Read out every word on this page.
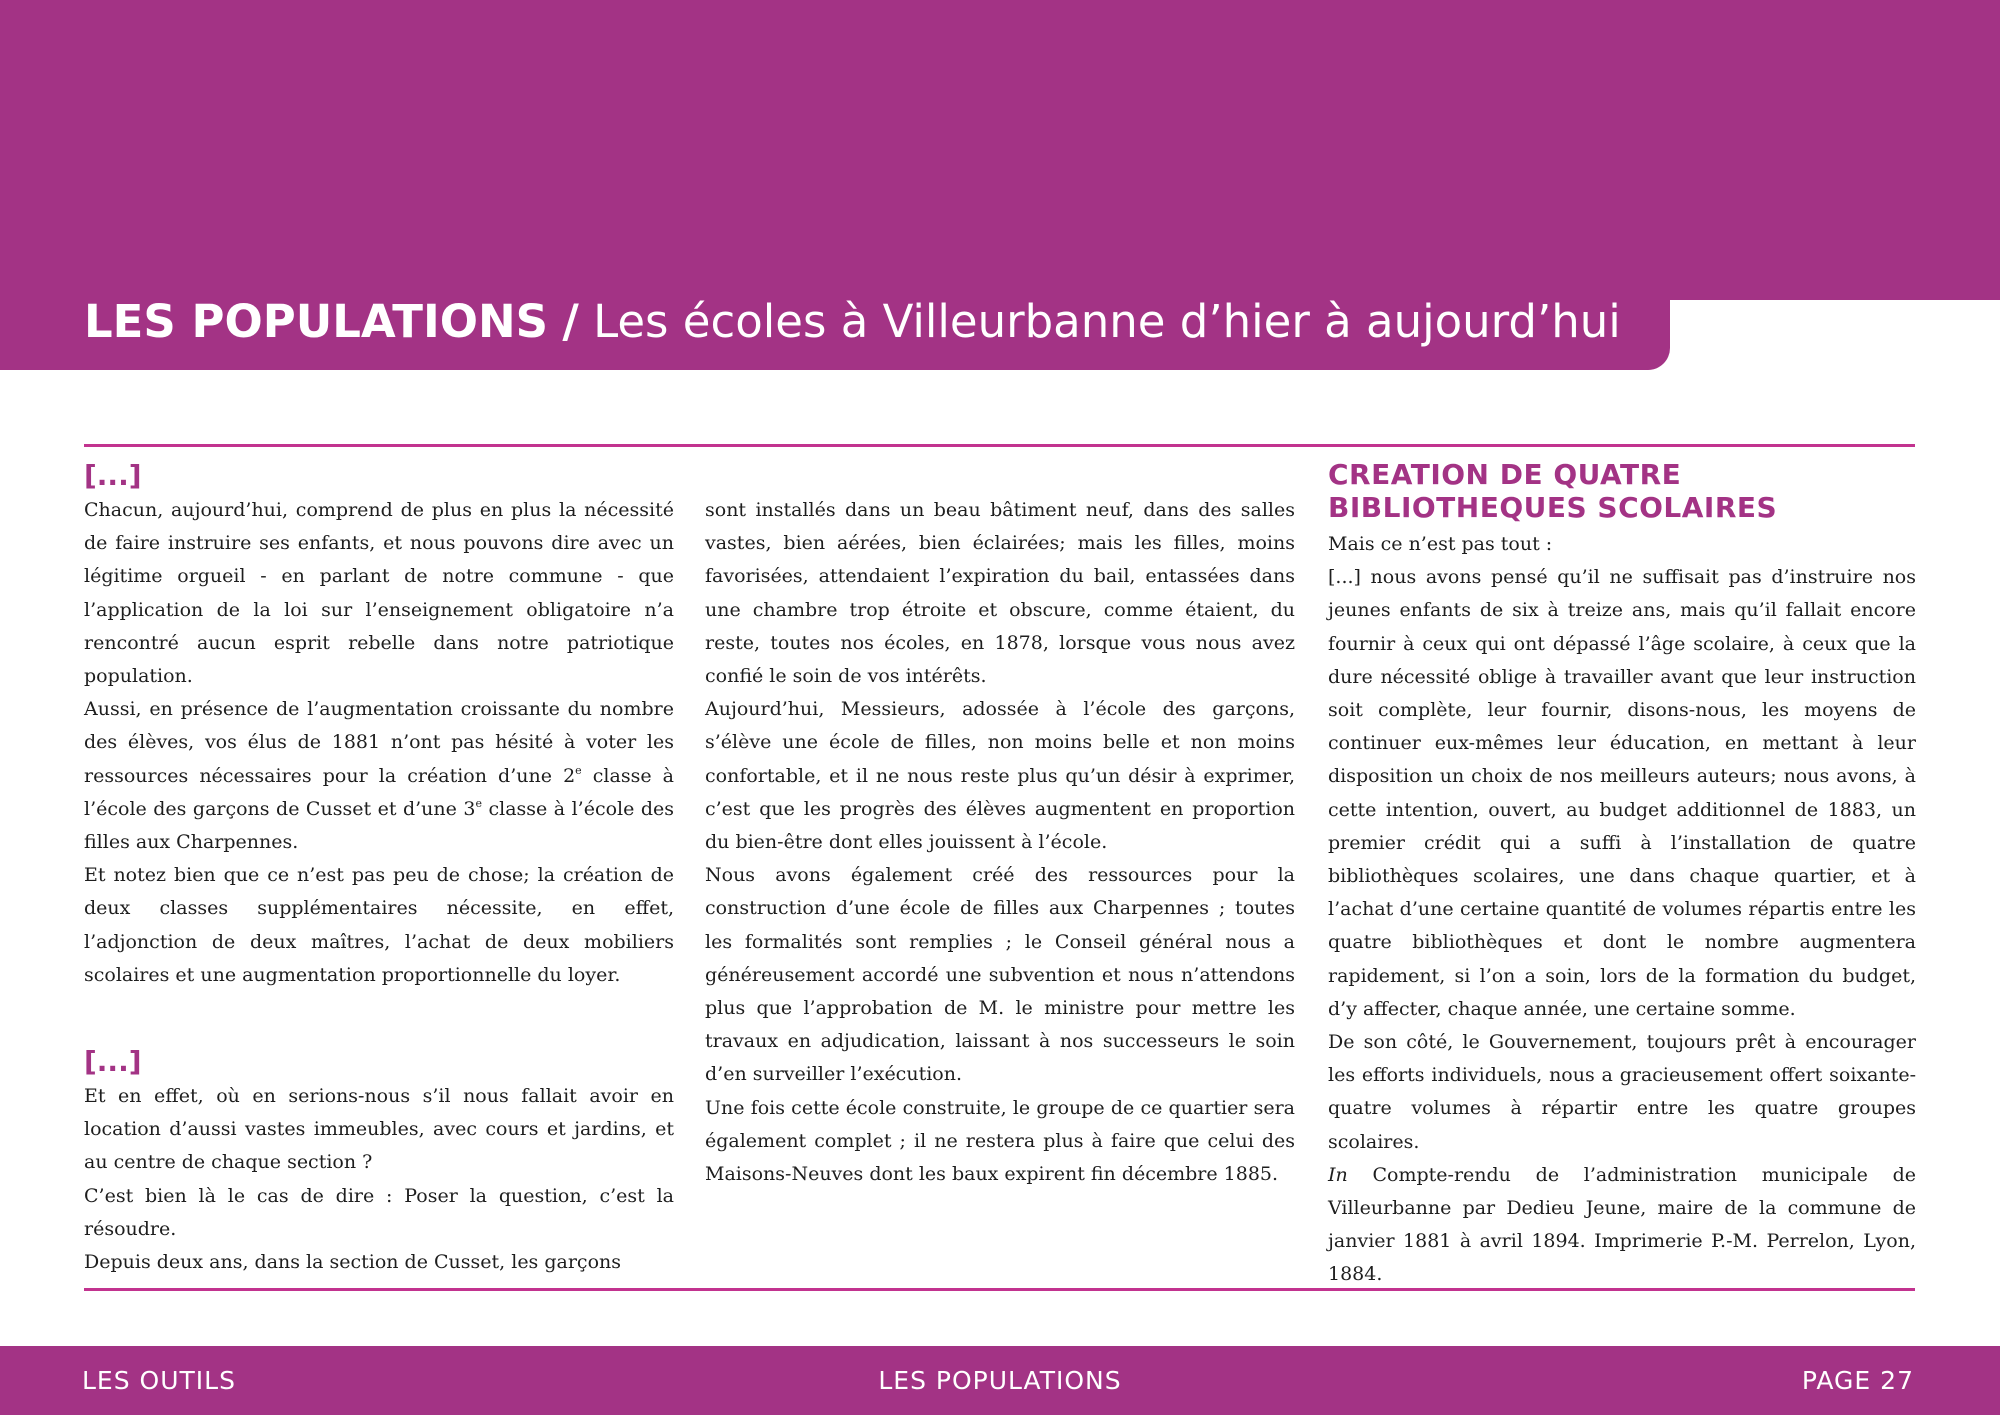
LES POPULATIONS / Les écoles à Villeurbanne d’hier à aujourd’hui
[...]

Chacun, aujourd’hui, comprend de plus en plus la nécessité de faire instruire ses enfants, et nous pouvons dire avec un légitime orgueil - en parlant de notre commune - que l’application de la loi sur l’enseignement obligatoire n’a rencontré aucun esprit rebelle dans notre patriotique population.

Aussi, en présence de l’augmentation croissante du nombre des élèves, vos élus de 1881 n’ont pas hésité à voter les ressources nécessaires pour la création d’une 2e classe à l’école des garçons de Cusset et d’une 3e classe à l’école des filles aux Charpennes.

Et notez bien que ce n’est pas peu de chose; la création de deux classes supplémentaires nécessite, en effet, l’adjonction de deux maîtres, l’achat de deux mobiliers scolaires et une augmentation proportionnelle du loyer.

[...]

Et en effet, où en serions-nous s’il nous fallait avoir en location d’aussi vastes immeubles, avec cours et jardins, et au centre de chaque section ?

C’est bien là le cas de dire : Poser la question, c’est la résoudre.

Depuis deux ans, dans la section de Cusset, les garçons

sont installés dans un beau bâtiment neuf, dans des salles vastes, bien aérées, bien éclairées; mais les filles, moins favorisées, attendaient l’expiration du bail, entassées dans une chambre trop étroite et obscure, comme étaient, du reste, toutes nos écoles, en 1878, lorsque vous nous avez confié le soin de vos intérêts.

Aujourd’hui, Messieurs, adossée à l’école des garçons, s’élève une école de filles, non moins belle et non moins confortable, et il ne nous reste plus qu’un désir à exprimer, c’est que les progrès des élèves augmentent en proportion du bien-être dont elles jouissent à l’école.

Nous avons également créé des ressources pour la construction d’une école de filles aux Charpennes ; toutes les formalités sont remplies ; le Conseil général nous a généreusement accordé une subvention et nous n’attendons plus que l’approbation de M. le ministre pour mettre les travaux en adjudication, laissant à nos successeurs le soin d’en surveiller l’exécution.

Une fois cette école construite, le groupe de ce quartier sera également complet ; il ne restera plus à faire que celui des Maisons-Neuves dont les baux expirent fin décembre 1885.

CREATION DE QUATRE
BIBLIOTHEQUES SCOLAIRES

Mais ce n’est pas tout :

[...] nous avons pensé qu’il ne suffisait pas d’instruire nos jeunes enfants de six à treize ans, mais qu’il fallait encore fournir à ceux qui ont dépassé l’âge scolaire, à ceux que la dure nécessité oblige à travailler avant que leur instruction soit complète, leur fournir, disons-nous, les moyens de continuer eux-mêmes leur éducation, en mettant à leur disposition un choix de nos meilleurs auteurs; nous avons, à cette intention, ouvert, au budget additionnel de 1883, un premier crédit qui a suffi à l’installation de quatre bibliothèques scolaires, une dans chaque quartier, et à l’achat d’une certaine quantité de volumes répartis entre les quatre bibliothèques et dont le nombre augmentera rapidement, si l’on a soin, lors de la formation du budget, d’y affecter, chaque année, une certaine somme.

De son côté, le Gouvernement, toujours prêt à encourager les efforts individuels, nous a gracieusement offert soixante-quatre volumes à répartir entre les quatre groupes scolaires.

In Compte-rendu de l’administration municipale de Villeurbanne par Dedieu Jeune, maire de la commune de janvier 1881 à avril 1894. Imprimerie P.-M. Perrelon, Lyon, 1884.

LES OUTILS	LES POPULATIONS	PAGE 27
